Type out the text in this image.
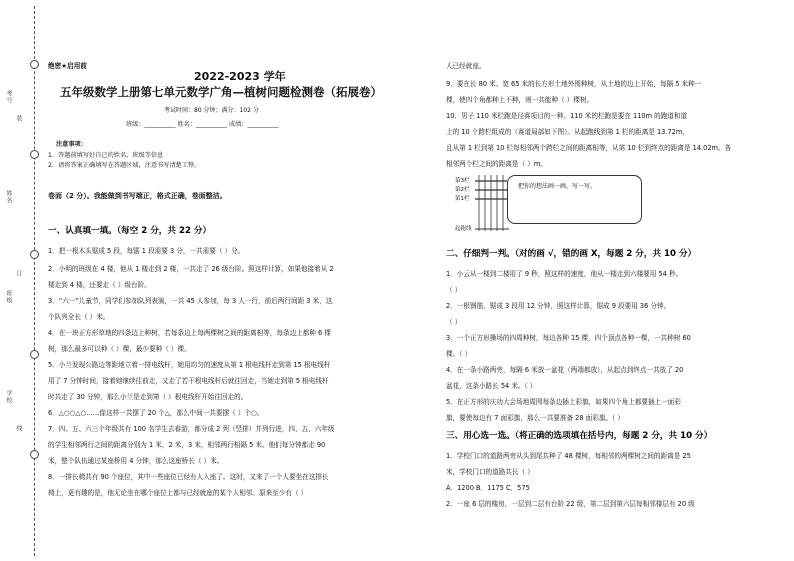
考号
姓名
班级
学校
装
订
线
绝密★启用前
2022-2023 学年
五年级数学上册第七单元数学广角—植树问题检测卷（拓展卷）
考试时间：80 分钟；满分：102 分
班级：__________ 姓名：__________ 成绩：__________
注意事项：
1．答题前填写好自己的姓名、班级等信息
2．请将答案正确填写在答题区域，注意书写清楚工整。
卷面（2 分）。我能做到书写端正，格式正确，卷面整洁。
一、认真填一填。（每空 2 分，共 22 分）
1．把一根木头锯成 5 段，每锯 1 段需要 3 分，一共需要（ ）分。
2．小明的班级在 4 楼，他从 1 楼走到 2 楼，一共走了 26 级台阶。照这样计算，如果他接着从 2
楼走到 4 楼，还要走（ ）级台阶。
3．“六一”儿童节，同学们参加队列表演，一共 45 人参加，每 3 人一行，前后两行间距 3 米，这
个队列全长（ ）米。
4．在一块正方形草地的四条边上种树，若每条边上每两棵树之间的距离相等，每条边上都种 6 棵
树，那么最多可以种（ ）棵，最少要种（ ）棵。
5．小兰发现公路边等距地立着一排电线杆，她用均匀的速度从第 1 根电线杆走到第 15 根电线杆
用了 7 分钟时间，接着她继续往前走，又走了若干根电线杆后就往回走，当她走到第 5 根电线杆
时共走了 30 分钟，那么小兰是走到第（ ）根电线杆开始往回走的。
6．△○○△○……像这样一共摆了 20 个△，那么中间一共要摆（ ）个○。
7．四、五、六三个年级共有 100 名学生去春游，都分成 2 列（竖排）并列行进，四、五、六年级
的学生相邻两行之间的距离分别为 1 米，2 米，3 米，相邻两行相隔 5 米。他们每分钟都走 90
米，整个队伍通过某座桥用 4 分钟，那么这座桥长（ ）米。
8．一排长椅共有 90 个座位，其中一些座位已经有人入座了。这时，又来了一个人要坐在这排长
椅上，更有趣的是，他无论坐在哪个座位上都与已经就座的某个人相邻。原来至少有（ ）
人已经就座。
9．要在长 80 米、宽 65 米的长方形土地外围种树，从土地的边上开始，每隔 5 米种一
棵，使四个角都种上不种，则一共能种（ ）棵树。
10．男子 110 米栏跑是径赛项目的一种。110 米的栏跑是要在 110m 的跑道和道
上的 10 个跨栏组成的（赛道局部如下图）。从起跑线到第 1 栏的距离是 13.72m，
且从第 1 栏到第 10 栏每相邻两个跨栏之间的距离相等，从第 10 栏到终点的距离是 14.02m。各
相邻两个栏之间的距离是（ ）m。
二、仔细判一判。（对的画 √，错的画 X，每题 2 分，共 10 分）
1．小云从一楼到二楼用了 9 秒，照这样的速度，他从一楼走到六楼要用 54 秒。
（ ）
2．一根钢筋，锯成 3 段用 12 分钟，照这样计算，锯成 9 段要用 36 分钟。
（ ）
3．一个正方形操场的四周种树，每边各种 15 棵，四个顶点各种一棵，一共种树 60
棵。（ ）
4．在一条小路两旁，每隔 6 米放一盆花（两端都放），从起点到终点一共放了 20
盆花，这条小路长 54 米。（ ）
5．在正方形的庆功大会场地周围每条边插上彩旗，如果四个角上都要插上一面彩
旗，要使每边有 7 面彩旗，那么一共要准备 28 面彩旗。（ ）
三、用心选一选。（将正确的选项填在括号内，每题 2 分，共 10 分）
1．学校门口的道路两旁从头到尾共种了 48 棵树，每相邻的两棵树之间的距离是 25
米，学校门口的道路共长（ ）
A．1200 B．1175 C．575
2．一座 6 层的楼房，一层到二层有台阶 22 级，第二层到第六层每相邻楼层有 20 级
第3栏
第2栏
第1栏
起跑线
把你的想法画一画，写一写。
